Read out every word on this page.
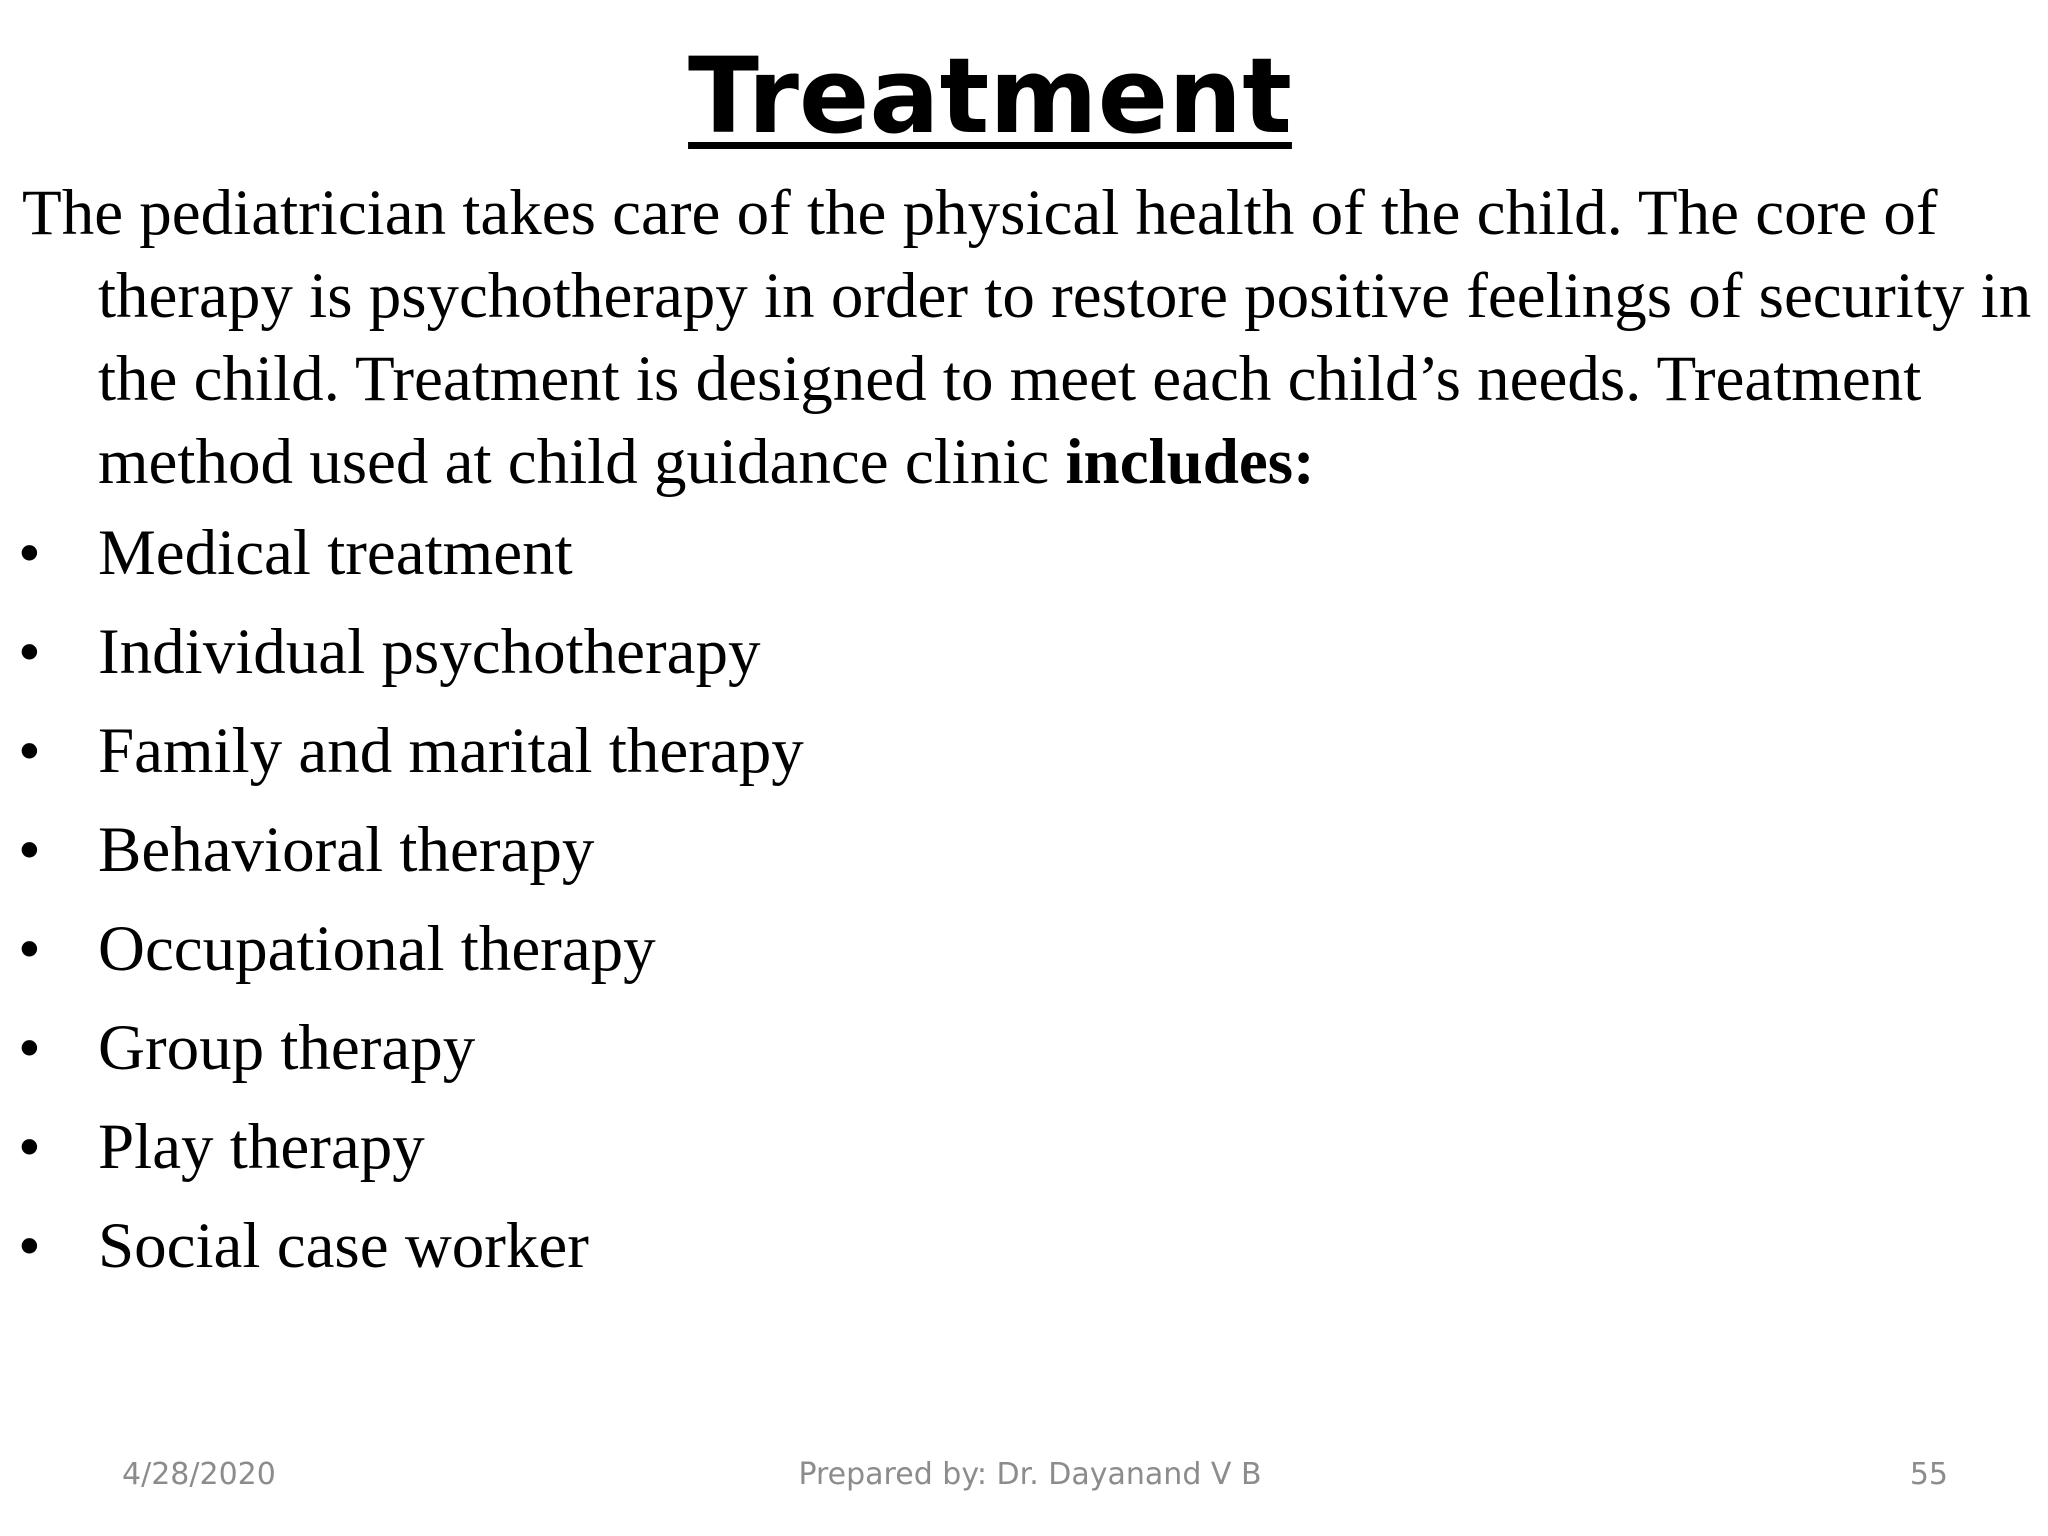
Treatment
The pediatrician takes care of the physical health of the child. The core of therapy is psychotherapy in order to restore positive feelings of security in the child. Treatment is designed to meet each child’s needs. Treatment method used at child guidance clinic includes:
• Medical treatment
• Individual psychotherapy
• Family and marital therapy
• Behavioral therapy
• Occupational therapy
• Group therapy
• Play therapy
• Social case worker
4/28/2020	Prepared by: Dr. Dayanand V B	55
